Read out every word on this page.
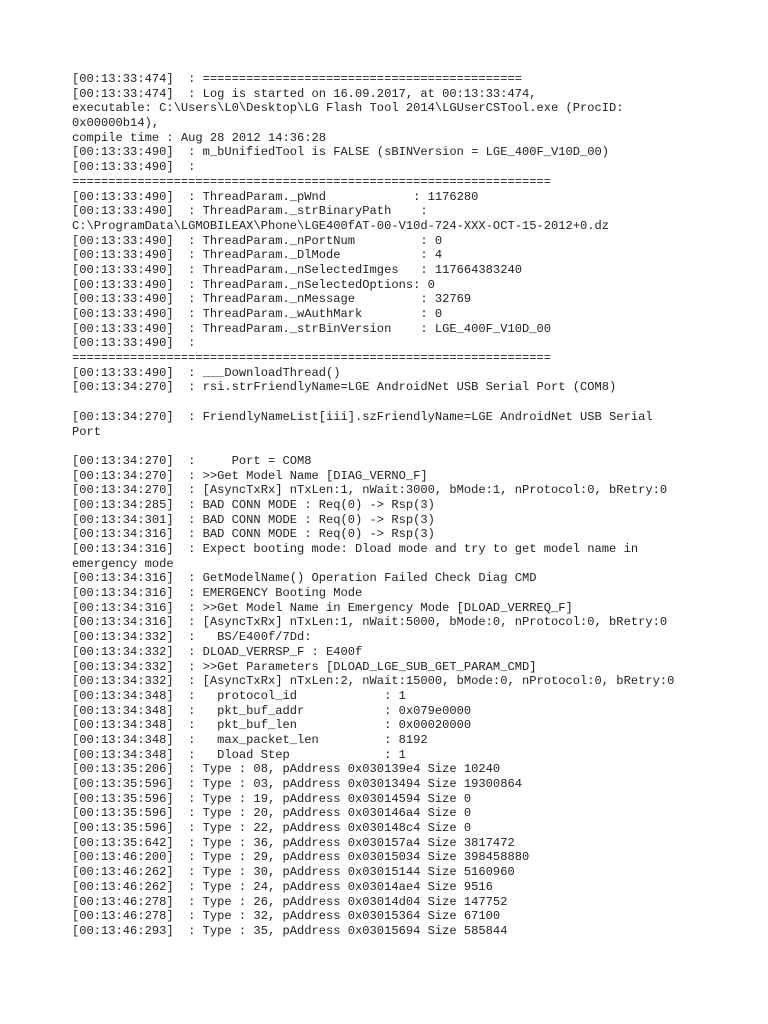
[00:13:33:474]  : ============================================
[00:13:33:474]  : Log is started on 16.09.2017, at 00:13:33:474,
executable: C:\Users\L0\Desktop\LG Flash Tool 2014\LGUserCSTool.exe (ProcID:
0x00000b14),
compile time : Aug 28 2012 14:36:28
[00:13:33:490]  : m_bUnifiedTool is FALSE (sBINVersion = LGE_400F_V10D_00)
[00:13:33:490]  :
==================================================================
[00:13:33:490]  : ThreadParam._pWnd            : 1176280
[00:13:33:490]  : ThreadParam._strBinaryPath    :
C:\ProgramData\LGMOBILEAX\Phone\LGE400fAT-00-V10d-724-XXX-OCT-15-2012+0.dz
[00:13:33:490]  : ThreadParam._nPortNum         : 0
[00:13:33:490]  : ThreadParam._DlMode           : 4
[00:13:33:490]  : ThreadParam._nSelectedImges   : 117664383240
[00:13:33:490]  : ThreadParam._nSelectedOptions: 0
[00:13:33:490]  : ThreadParam._nMessage         : 32769
[00:13:33:490]  : ThreadParam._wAuthMark        : 0
[00:13:33:490]  : ThreadParam._strBinVersion    : LGE_400F_V10D_00
[00:13:33:490]  :
==================================================================
[00:13:33:490]  : ___DownloadThread()
[00:13:34:270]  : rsi.strFriendlyName=LGE AndroidNet USB Serial Port (COM8)
[00:13:34:270]  : FriendlyNameList[iii].szFriendlyName=LGE AndroidNet USB Serial
Port
[00:13:34:270]  :     Port = COM8
[00:13:34:270]  : >>Get Model Name [DIAG_VERNO_F]
[00:13:34:270]  : [AsyncTxRx] nTxLen:1, nWait:3000, bMode:1, nProtocol:0, bRetry:0
[00:13:34:285]  : BAD CONN MODE : Req(0) -> Rsp(3)
[00:13:34:301]  : BAD CONN MODE : Req(0) -> Rsp(3)
[00:13:34:316]  : BAD CONN MODE : Req(0) -> Rsp(3)
[00:13:34:316]  : Expect booting mode: Dload mode and try to get model name in
emergency mode
[00:13:34:316]  : GetModelName() Operation Failed Check Diag CMD
[00:13:34:316]  : EMERGENCY Booting Mode
[00:13:34:316]  : >>Get Model Name in Emergency Mode [DLOAD_VERREQ_F]
[00:13:34:316]  : [AsyncTxRx] nTxLen:1, nWait:5000, bMode:0, nProtocol:0, bRetry:0
[00:13:34:332]  :   BS/E400f/7Dd:
[00:13:34:332]  : DLOAD_VERRSP_F : E400f
[00:13:34:332]  : >>Get Parameters [DLOAD_LGE_SUB_GET_PARAM_CMD]
[00:13:34:332]  : [AsyncTxRx] nTxLen:2, nWait:15000, bMode:0, nProtocol:0, bRetry:0
[00:13:34:348]  :   protocol_id            : 1
[00:13:34:348]  :   pkt_buf_addr           : 0x079e0000
[00:13:34:348]  :   pkt_buf_len            : 0x00020000
[00:13:34:348]  :   max_packet_len         : 8192
[00:13:34:348]  :   Dload Step             : 1
[00:13:35:206]  : Type : 08, pAddress 0x030139e4 Size 10240
[00:13:35:596]  : Type : 03, pAddress 0x03013494 Size 19300864
[00:13:35:596]  : Type : 19, pAddress 0x03014594 Size 0
[00:13:35:596]  : Type : 20, pAddress 0x030146a4 Size 0
[00:13:35:596]  : Type : 22, pAddress 0x030148c4 Size 0
[00:13:35:642]  : Type : 36, pAddress 0x030157a4 Size 3817472
[00:13:46:200]  : Type : 29, pAddress 0x03015034 Size 398458880
[00:13:46:262]  : Type : 30, pAddress 0x03015144 Size 5160960
[00:13:46:262]  : Type : 24, pAddress 0x03014ae4 Size 9516
[00:13:46:278]  : Type : 26, pAddress 0x03014d04 Size 147752
[00:13:46:278]  : Type : 32, pAddress 0x03015364 Size 67100
[00:13:46:293]  : Type : 35, pAddress 0x03015694 Size 585844
